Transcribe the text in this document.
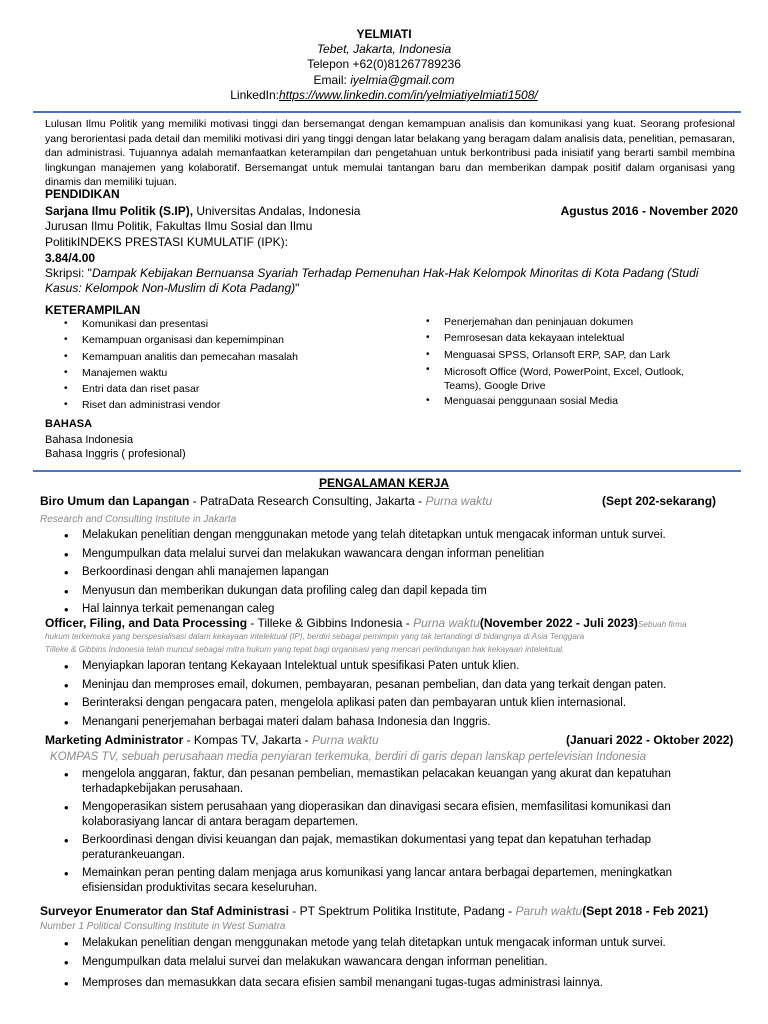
YELMIATI
Tebet, Jakarta, Indonesia
Telepon +62(0)81267789236
Email: iyelmia@gmail.com
LinkedIn:https://www.linkedin.com/in/yelmiatiyelmiati1508/
Lulusan Ilmu Politik yang memiliki motivasi tinggi dan bersemangat dengan kemampuan analisis dan komunikasi yang kuat. Seorang profesional yang berorientasi pada detail dan memiliki motivasi diri yang tinggi dengan latar belakang yang beragam dalam analisis data, penelitian, pemasaran, dan administrasi. Tujuannya adalah memanfaatkan keterampilan dan pengetahuan untuk berkontribusi pada inisiatif yang berarti sambil membina lingkungan manajemen yang kolaboratif. Bersemangat untuk memulai tantangan baru dan memberikan dampak positif dalam organisasi yang dinamis dan memiliki tujuan.
PENDIDIKAN
Sarjana Ilmu Politik (S.IP), Universitas Andalas, Indonesia	Agustus 2016 - November 2020
Jurusan Ilmu Politik, Fakultas Ilmu Sosial dan Ilmu
PolitikINDEKS PRESTASI KUMULATIF (IPK):
3.84/4.00
Skripsi: "Dampak Kebijakan Bernuansa Syariah Terhadap Pemenuhan Hak-Hak Kelompok Minoritas di Kota Padang (Studi
Kasus: Kelompok Non-Muslim di Kota Padang)"
KETERAMPILAN
• Komunikasi dan presentasi
• Kemampuan organisasi dan kepemimpinan
• Kemampuan analitis dan pemecahan masalah
• Manajemen waktu
• Entri data dan riset pasar
• Riset dan administrasi vendor
• Penerjemahan dan peninjauan dokumen
• Pemrosesan data kekayaan intelektual
• Menguasai SPSS, Orlansoft ERP, SAP, dan Lark
• Microsoft Office (Word, PowerPoint, Excel, Outlook,
Teams), Google Drive
• Menguasai penggunaan sosial Media
BAHASA
Bahasa Indonesia
Bahasa Inggris ( profesional)
PENGALAMAN KERJA
Biro Umum dan Lapangan - PatraData Research Consulting, Jakarta - Purna waktu	(Sept 202-sekarang)
Research and Consulting Institute in Jakarta
• Melakukan penelitian dengan menggunakan metode yang telah ditetapkan untuk mengacak informan untuk survei.
• Mengumpulkan data melalui survei dan melakukan wawancara dengan informan penelitian
• Berkoordinasi dengan ahli manajemen lapangan
• Menyusun dan memberikan dukungan data profiling caleg dan dapil kepada tim
• Hal lainnya terkait pemenangan caleg
Officer, Filing, and Data Processing - Tilleke & Gibbins Indonesia - Purna waktu(November 2022 - Juli 2023)Sebuah firma
hukum terkemuka yang berspesialisasi dalam kekayaan intelektual (IP), berdiri sebagai pemimpin yang tak tertandingi di bidangnya di Asia Tenggara
Tilleke & Gibbins Indonesia telah muncul sebagai mitra hukum yang tepat bagi organisasi yang mencari perlindungan hak kekayaan intelektual.
• Menyiapkan laporan tentang Kekayaan Intelektual untuk spesifikasi Paten untuk klien.
• Meninjau dan memproses email, dokumen, pembayaran, pesanan pembelian, dan data yang terkait dengan paten.
• Berinteraksi dengan pengacara paten, mengelola aplikasi paten dan pembayaran untuk klien internasional.
• Menangani penerjemahan berbagai materi dalam bahasa Indonesia dan Inggris.
Marketing Administrator - Kompas TV, Jakarta - Purna waktu	(Januari 2022 - Oktober 2022)
KOMPAS TV, sebuah perusahaan media penyiaran terkemuka, berdiri di garis depan lanskap pertelevisian Indonesia
• mengelola anggaran, faktur, dan pesanan pembelian, memastikan pelacakan keuangan yang akurat dan kepatuhan terhadapkebijakan perusahaan.
• Mengoperasikan sistem perusahaan yang dioperasikan dan dinavigasi secara efisien, memfasilitasi komunikasi dan kolaborasiyang lancar di antara beragam departemen.
• Berkoordinasi dengan divisi keuangan dan pajak, memastikan dokumentasi yang tepat dan kepatuhan terhadap peraturankeuangan.
• Memainkan peran penting dalam menjaga arus komunikasi yang lancar antara berbagai departemen, meningkatkan efisiensidan produktivitas secara keseluruhan.
Surveyor Enumerator dan Staf Administrasi - PT Spektrum Politika Institute, Padang - Paruh waktu(Sept 2018 - Feb 2021)
Number 1 Political Consulting Institute in West Sumatra
• Melakukan penelitian dengan menggunakan metode yang telah ditetapkan untuk mengacak informan untuk survei.
• Mengumpulkan data melalui survei dan melakukan wawancara dengan informan penelitian.
• Memproses dan memasukkan data secara efisien sambil menangani tugas-tugas administrasi lainnya.
